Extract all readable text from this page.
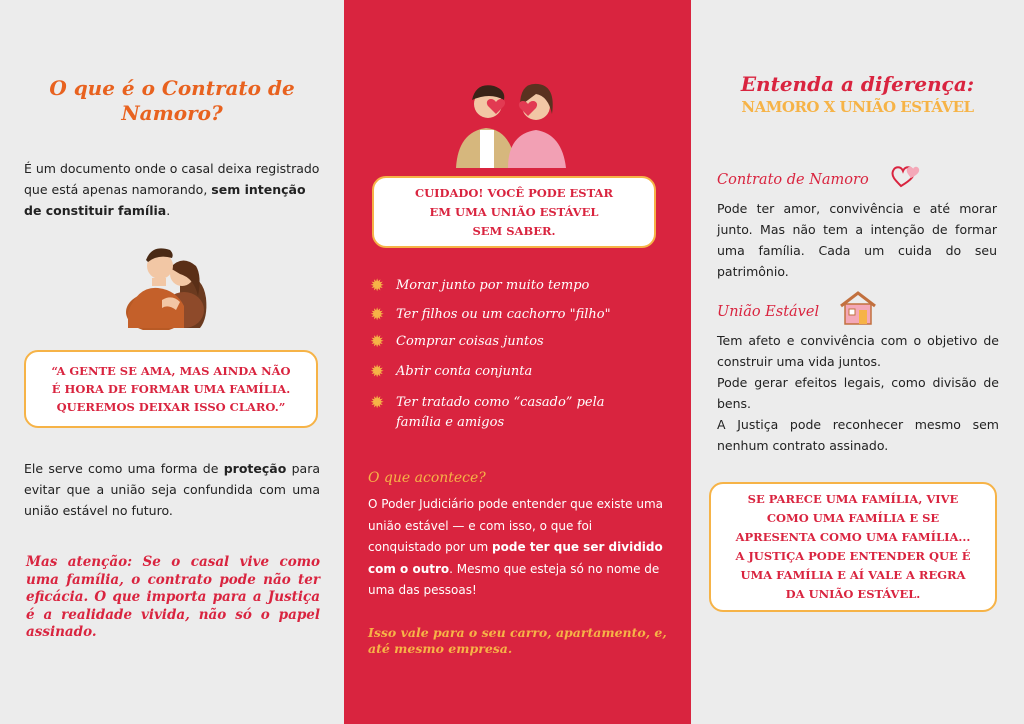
O que é o Contrato de
Namoro?
É um documento onde o casal deixa registrado que está apenas namorando, sem intenção de constituir família.
“A GENTE SE AMA, MAS AINDA NÃO
É HORA DE FORMAR UMA FAMÍLIA.
QUEREMOS DEIXAR ISSO CLARO.”
Ele serve como uma forma de proteção para evitar que a união seja confundida com uma união estável no futuro.
Mas atenção: Se o casal vive como uma família, o contrato pode não ter eficácia. O que importa para a Justiça é a realidade vivida, não só o papel assinado.
CUIDADO! VOCÊ PODE ESTAR
EM UMA UNIÃO ESTÁVEL
SEM SABER.
✹ Morar junto por muito tempo
✹ Ter filhos ou um cachorro "filho"
✹ Comprar coisas juntos
✹ Abrir conta conjunta
✹ Ter tratado como “casado” pela família e amigos
O que acontece?
O Poder Judiciário pode entender que existe uma união estável — e com isso, o que foi conquistado por um pode ter que ser dividido com o outro. Mesmo que esteja só no nome de uma das pessoas!
Isso vale para o seu carro, apartamento, e, até mesmo empresa.
Entenda a diferença:
NAMORO X UNIÃO ESTÁVEL
Contrato de Namoro
Pode ter amor, convivência e até morar junto. Mas não tem a intenção de formar uma família. Cada um cuida do seu patrimônio.
União Estável
Tem afeto e convivência com o objetivo de construir uma vida juntos.
Pode gerar efeitos legais, como divisão de bens.
A Justiça pode reconhecer mesmo sem nenhum contrato assinado.
SE PARECE UMA FAMÍLIA, VIVE
COMO UMA FAMÍLIA E SE
APRESENTA COMO UMA FAMÍLIA...
A JUSTIÇA PODE ENTENDER QUE É
UMA FAMÍLIA E AÍ VALE A REGRA
DA UNIÃO ESTÁVEL.
